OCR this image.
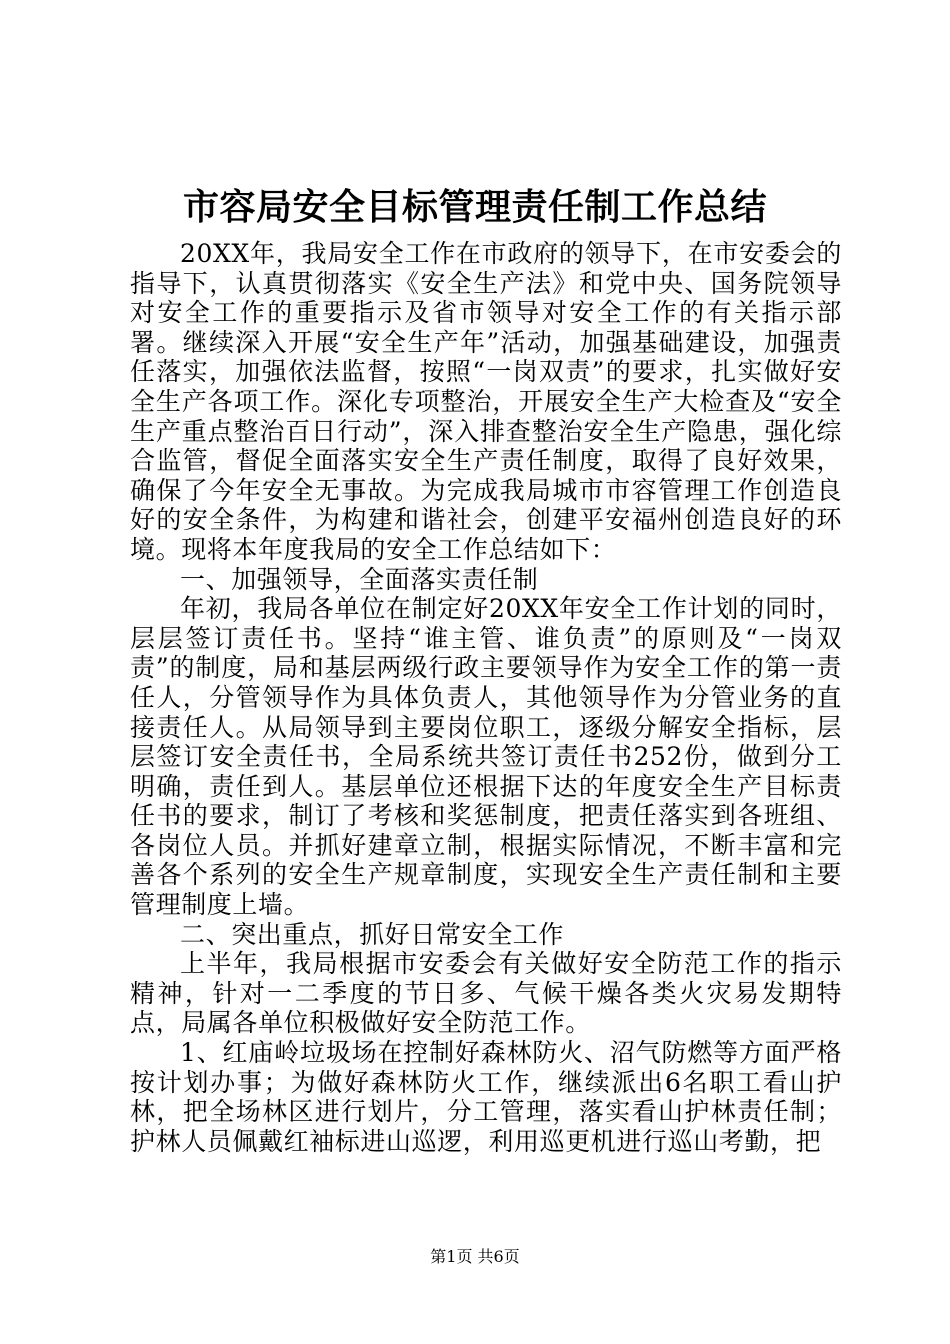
市容局安全目标管理责任制工作总结

20XX年，我局安全工作在市政府的领导下，在市安委会的指导下，认真贯彻落实《安全生产法》和党中央、国务院领导对安全工作的重要指示及省市领导对安全工作的有关指示部署。继续深入开展“安全生产年”活动，加强基础建设，加强责任落实，加强依法监督，按照“一岗双责”的要求，扎实做好安全生产各项工作。深化专项整治，开展安全生产大检查及“安全生产重点整治百日行动”，深入排查整治安全生产隐患，强化综合监管，督促全面落实安全生产责任制度，取得了良好效果，确保了今年安全无事故。为完成我局城市市容管理工作创造良好的安全条件，为构建和谐社会，创建平安福州创造良好的环境。现将本年度我局的安全工作总结如下：

一、加强领导，全面落实责任制

年初，我局各单位在制定好20XX年安全工作计划的同时，层层签订责任书。坚持“谁主管、谁负责”的原则及“一岗双责”的制度，局和基层两级行政主要领导作为安全工作的第一责任人，分管领导作为具体负责人，其他领导作为分管业务的直接责任人。从局领导到主要岗位职工，逐级分解安全指标，层层签订安全责任书，全局系统共签订责任书252份，做到分工明确，责任到人。基层单位还根据下达的年度安全生产目标责任书的要求，制订了考核和奖惩制度，把责任落实到各班组、各岗位人员。并抓好建章立制，根据实际情况，不断丰富和完善各个系列的安全生产规章制度，实现安全生产责任制和主要管理制度上墙。

二、突出重点，抓好日常安全工作

上半年，我局根据市安委会有关做好安全防范工作的指示精神，针对一二季度的节日多、气候干燥各类火灾易发期特点，局属各单位积极做好安全防范工作。

1、红庙岭垃圾场在控制好森林防火、沼气防燃等方面严格按计划办事；为做好森林防火工作，继续派出6名职工看山护林，把全场林区进行划片，分工管理，落实看山护林责任制；护林人员佩戴红袖标进山巡逻，利用巡更机进行巡山考勤，把

第1页 共6页
